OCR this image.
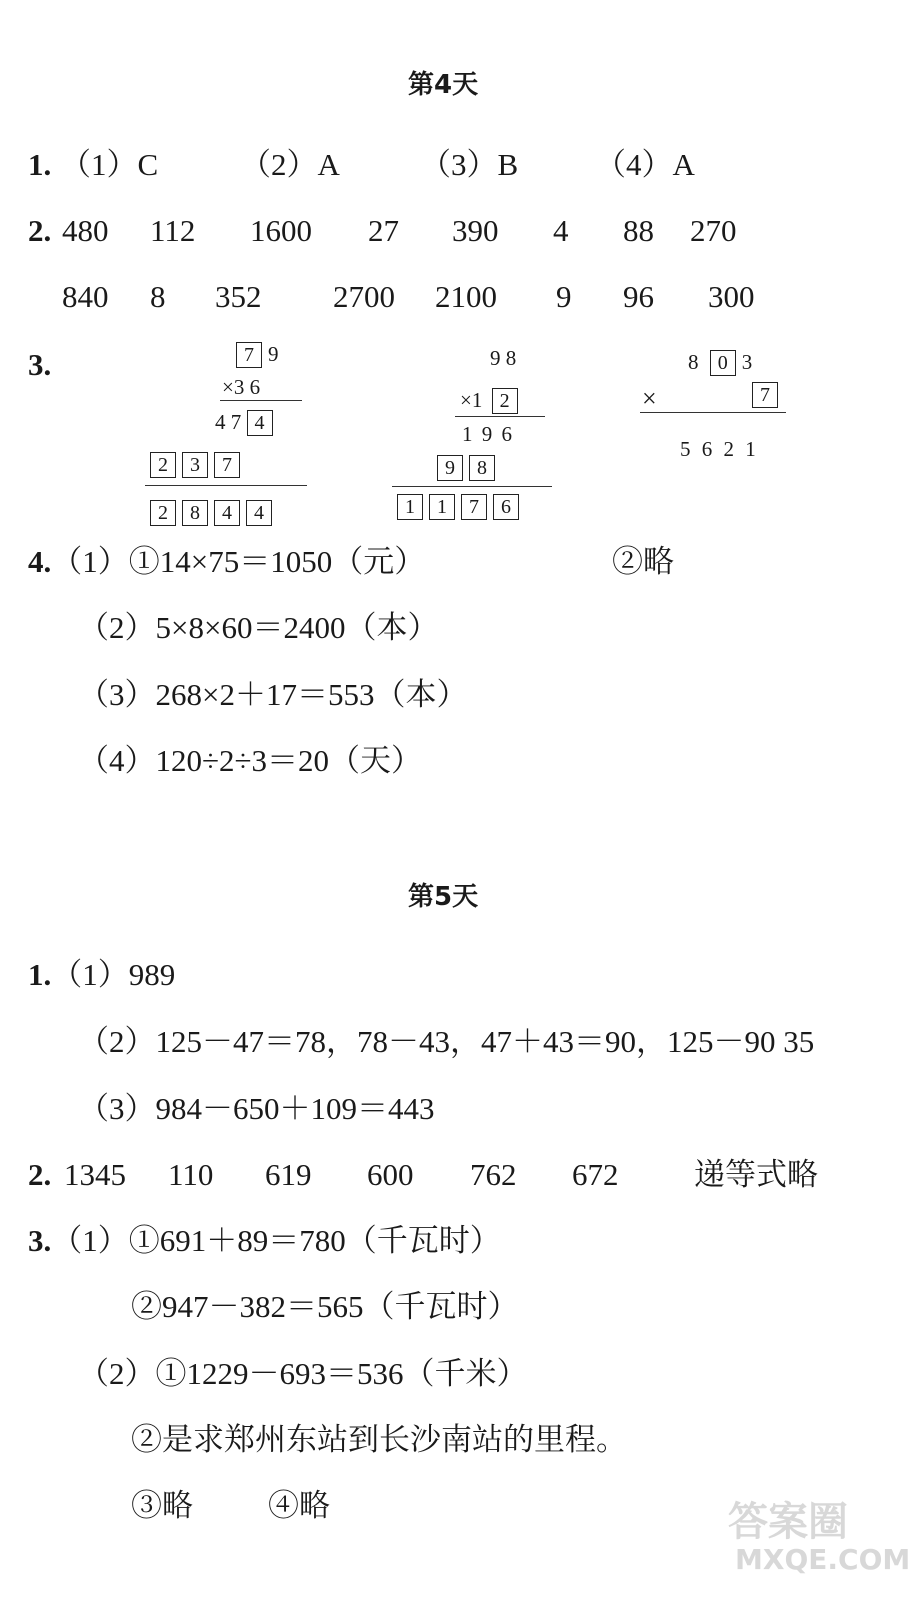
第4天
1. （1）C	（2）A	（3）B （4）A
2. 480 112 1600 27 390 4 88 270
840 8 352 2700 2100 9 96 300
3.	7 9
×3 6
4 7 4
2 3 7
2 8 4 4
9 8
×1 2
1 9 6
9 8
1 1 7 6
8 0 3
×	7
5 6 2 1
4.（1）①14×75＝1050（元）	②略
（2）5×8×60＝2400（本）
（3）268×2＋17＝553（本）
（4）120÷2÷3＝20（天）
第5天
1.（1）989
（2）125－47＝78，78－43，47＋43＝90，125－90 35
（3）984－650＋109＝443
2. 1345 110 619 600 762 672 递等式略
3.（1）①691＋89＝780（千瓦时）
②947－382＝565（千瓦时）
（2）①1229－693＝536（千米）
②是求郑州东站到长沙南站的里程。
③略 ④略	答案圈
MXQE.COM
